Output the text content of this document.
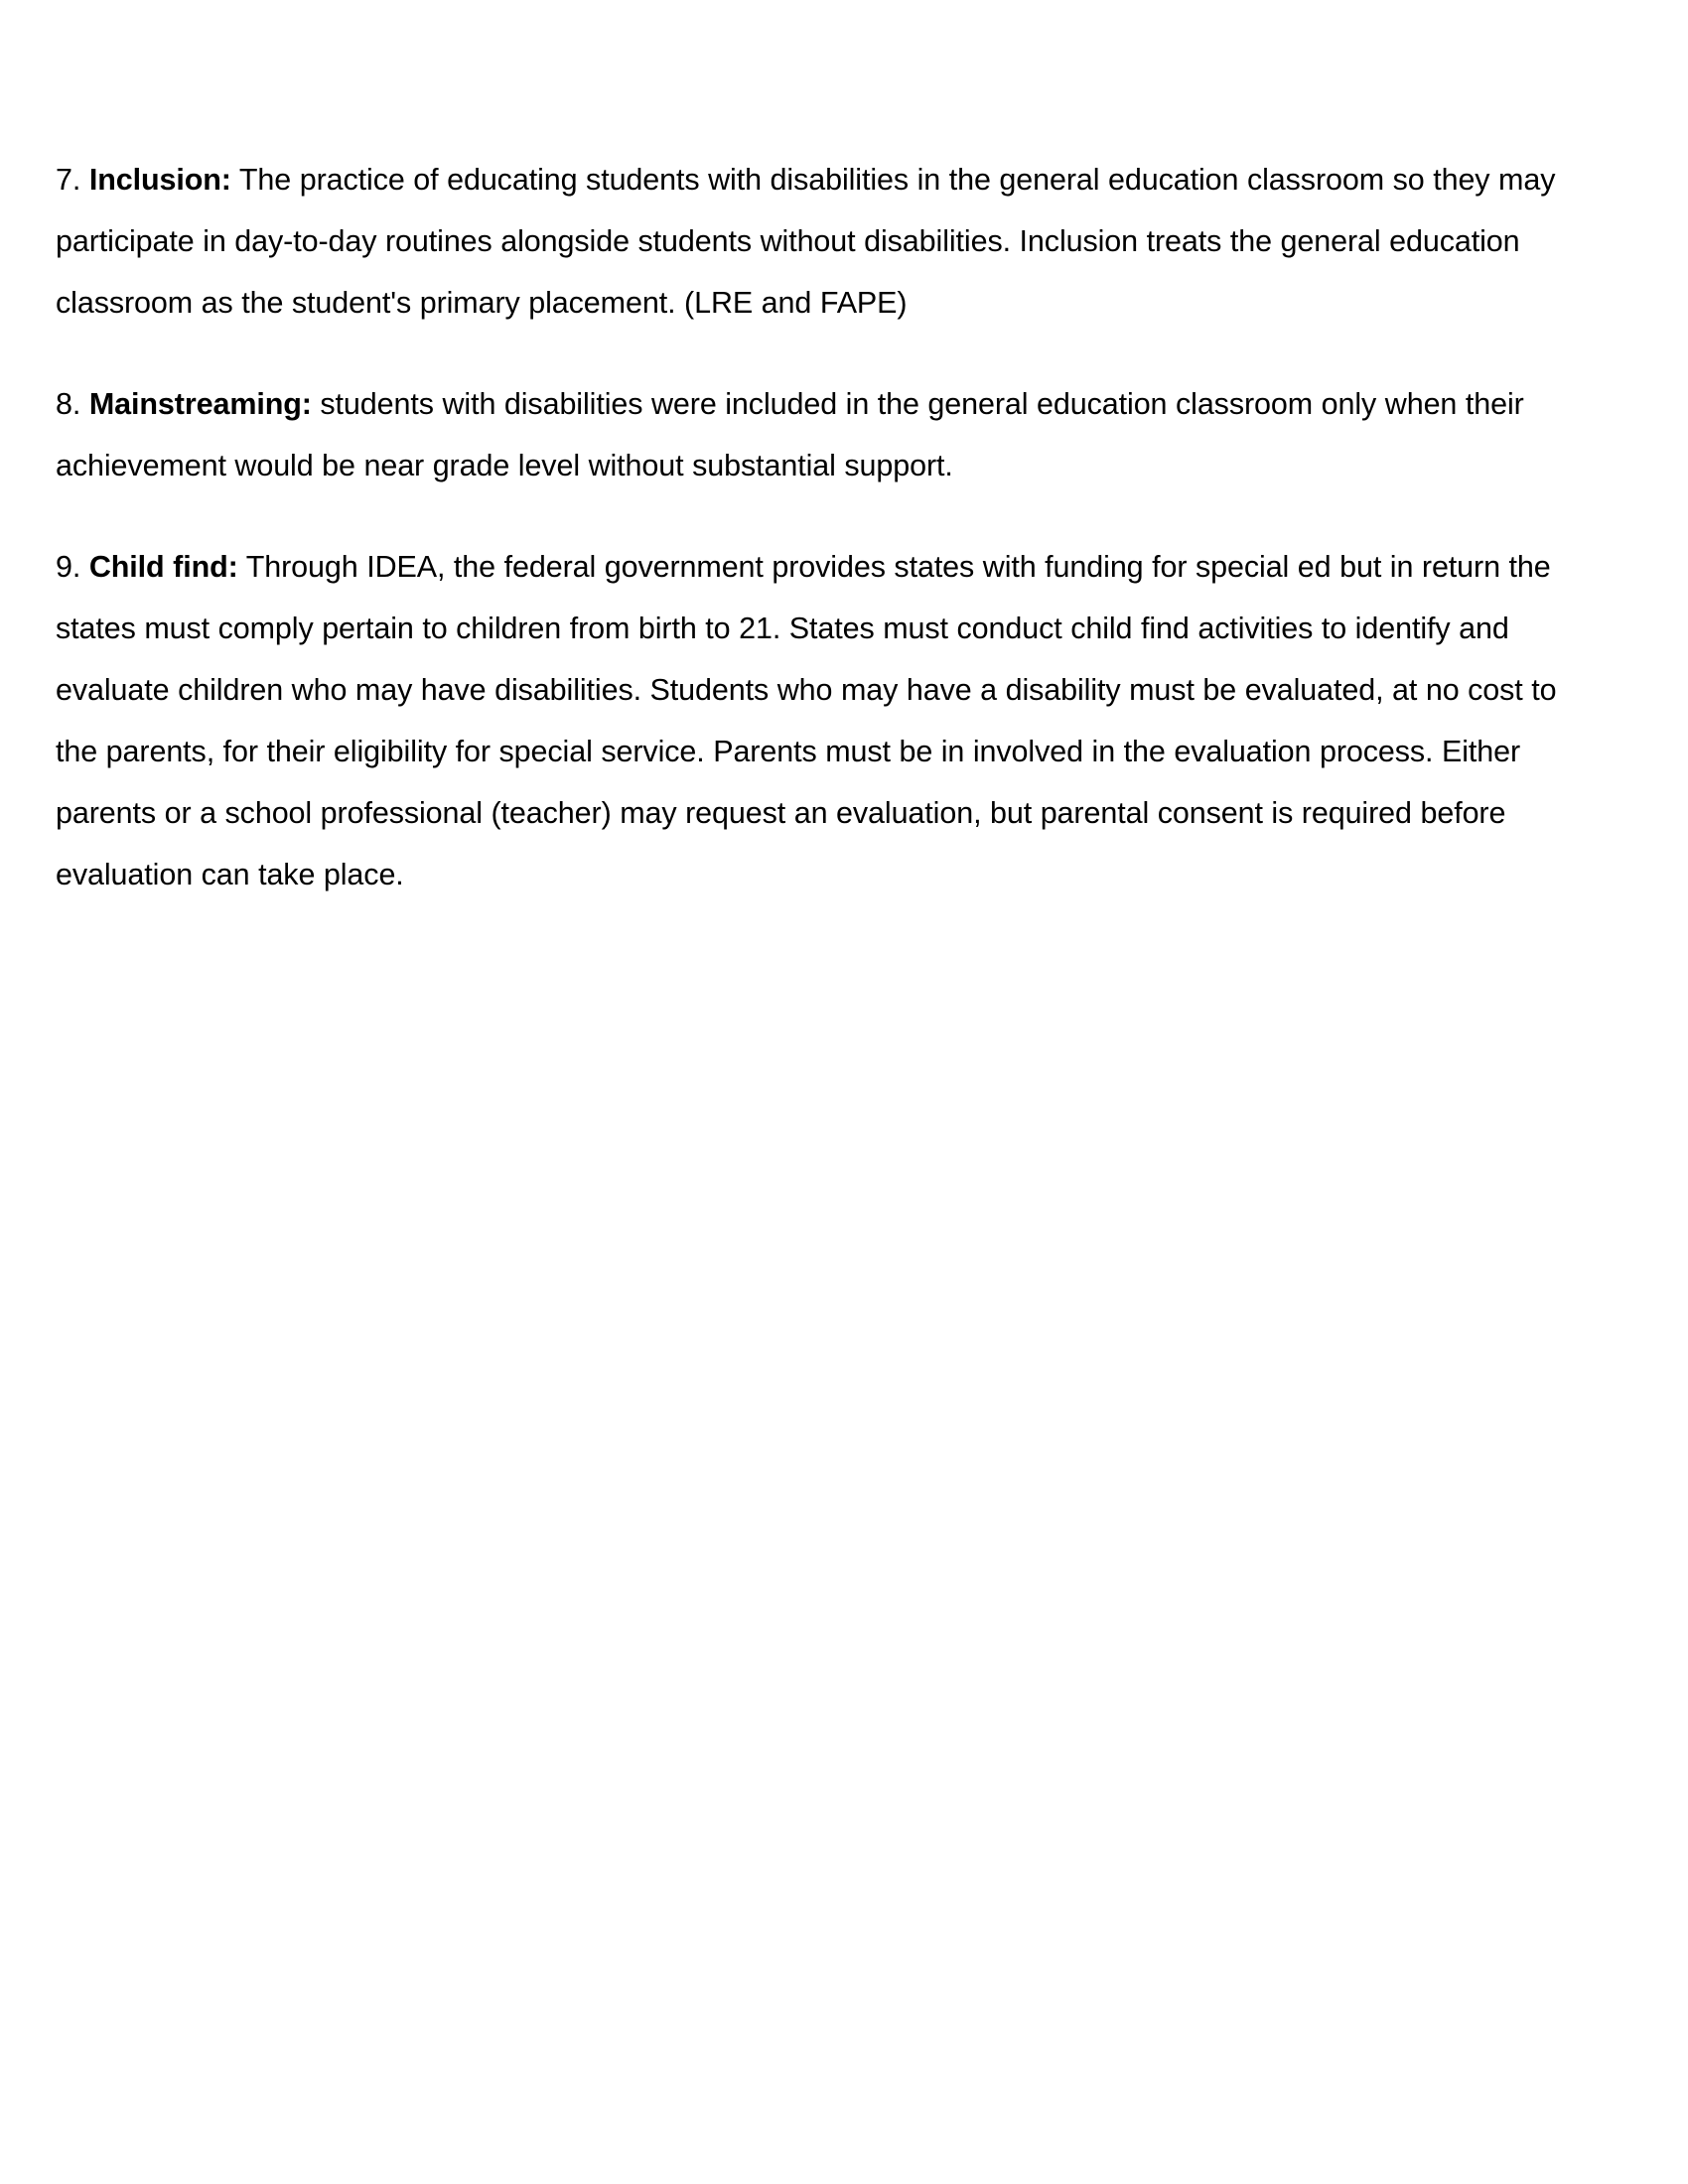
7. Inclusion: The practice of educating students with disabilities in the general education classroom so they may participate in day-to-day routines alongside students without disabilities. Inclusion treats the general education classroom as the student's primary placement. (LRE and FAPE)

8. Mainstreaming: students with disabilities were included in the general education classroom only when their achievement would be near grade level without substantial support.

9. Child find: Through IDEA, the federal government provides states with funding for special ed but in return the states must comply pertain to children from birth to 21. States must conduct child find activities to identify and evaluate children who may have disabilities. Students who may have a disability must be evaluated, at no cost to the parents, for their eligibility for special service. Parents must be in involved in the evaluation process. Either parents or a school professional (teacher) may request an evaluation, but parental consent is required before evaluation can take place.
